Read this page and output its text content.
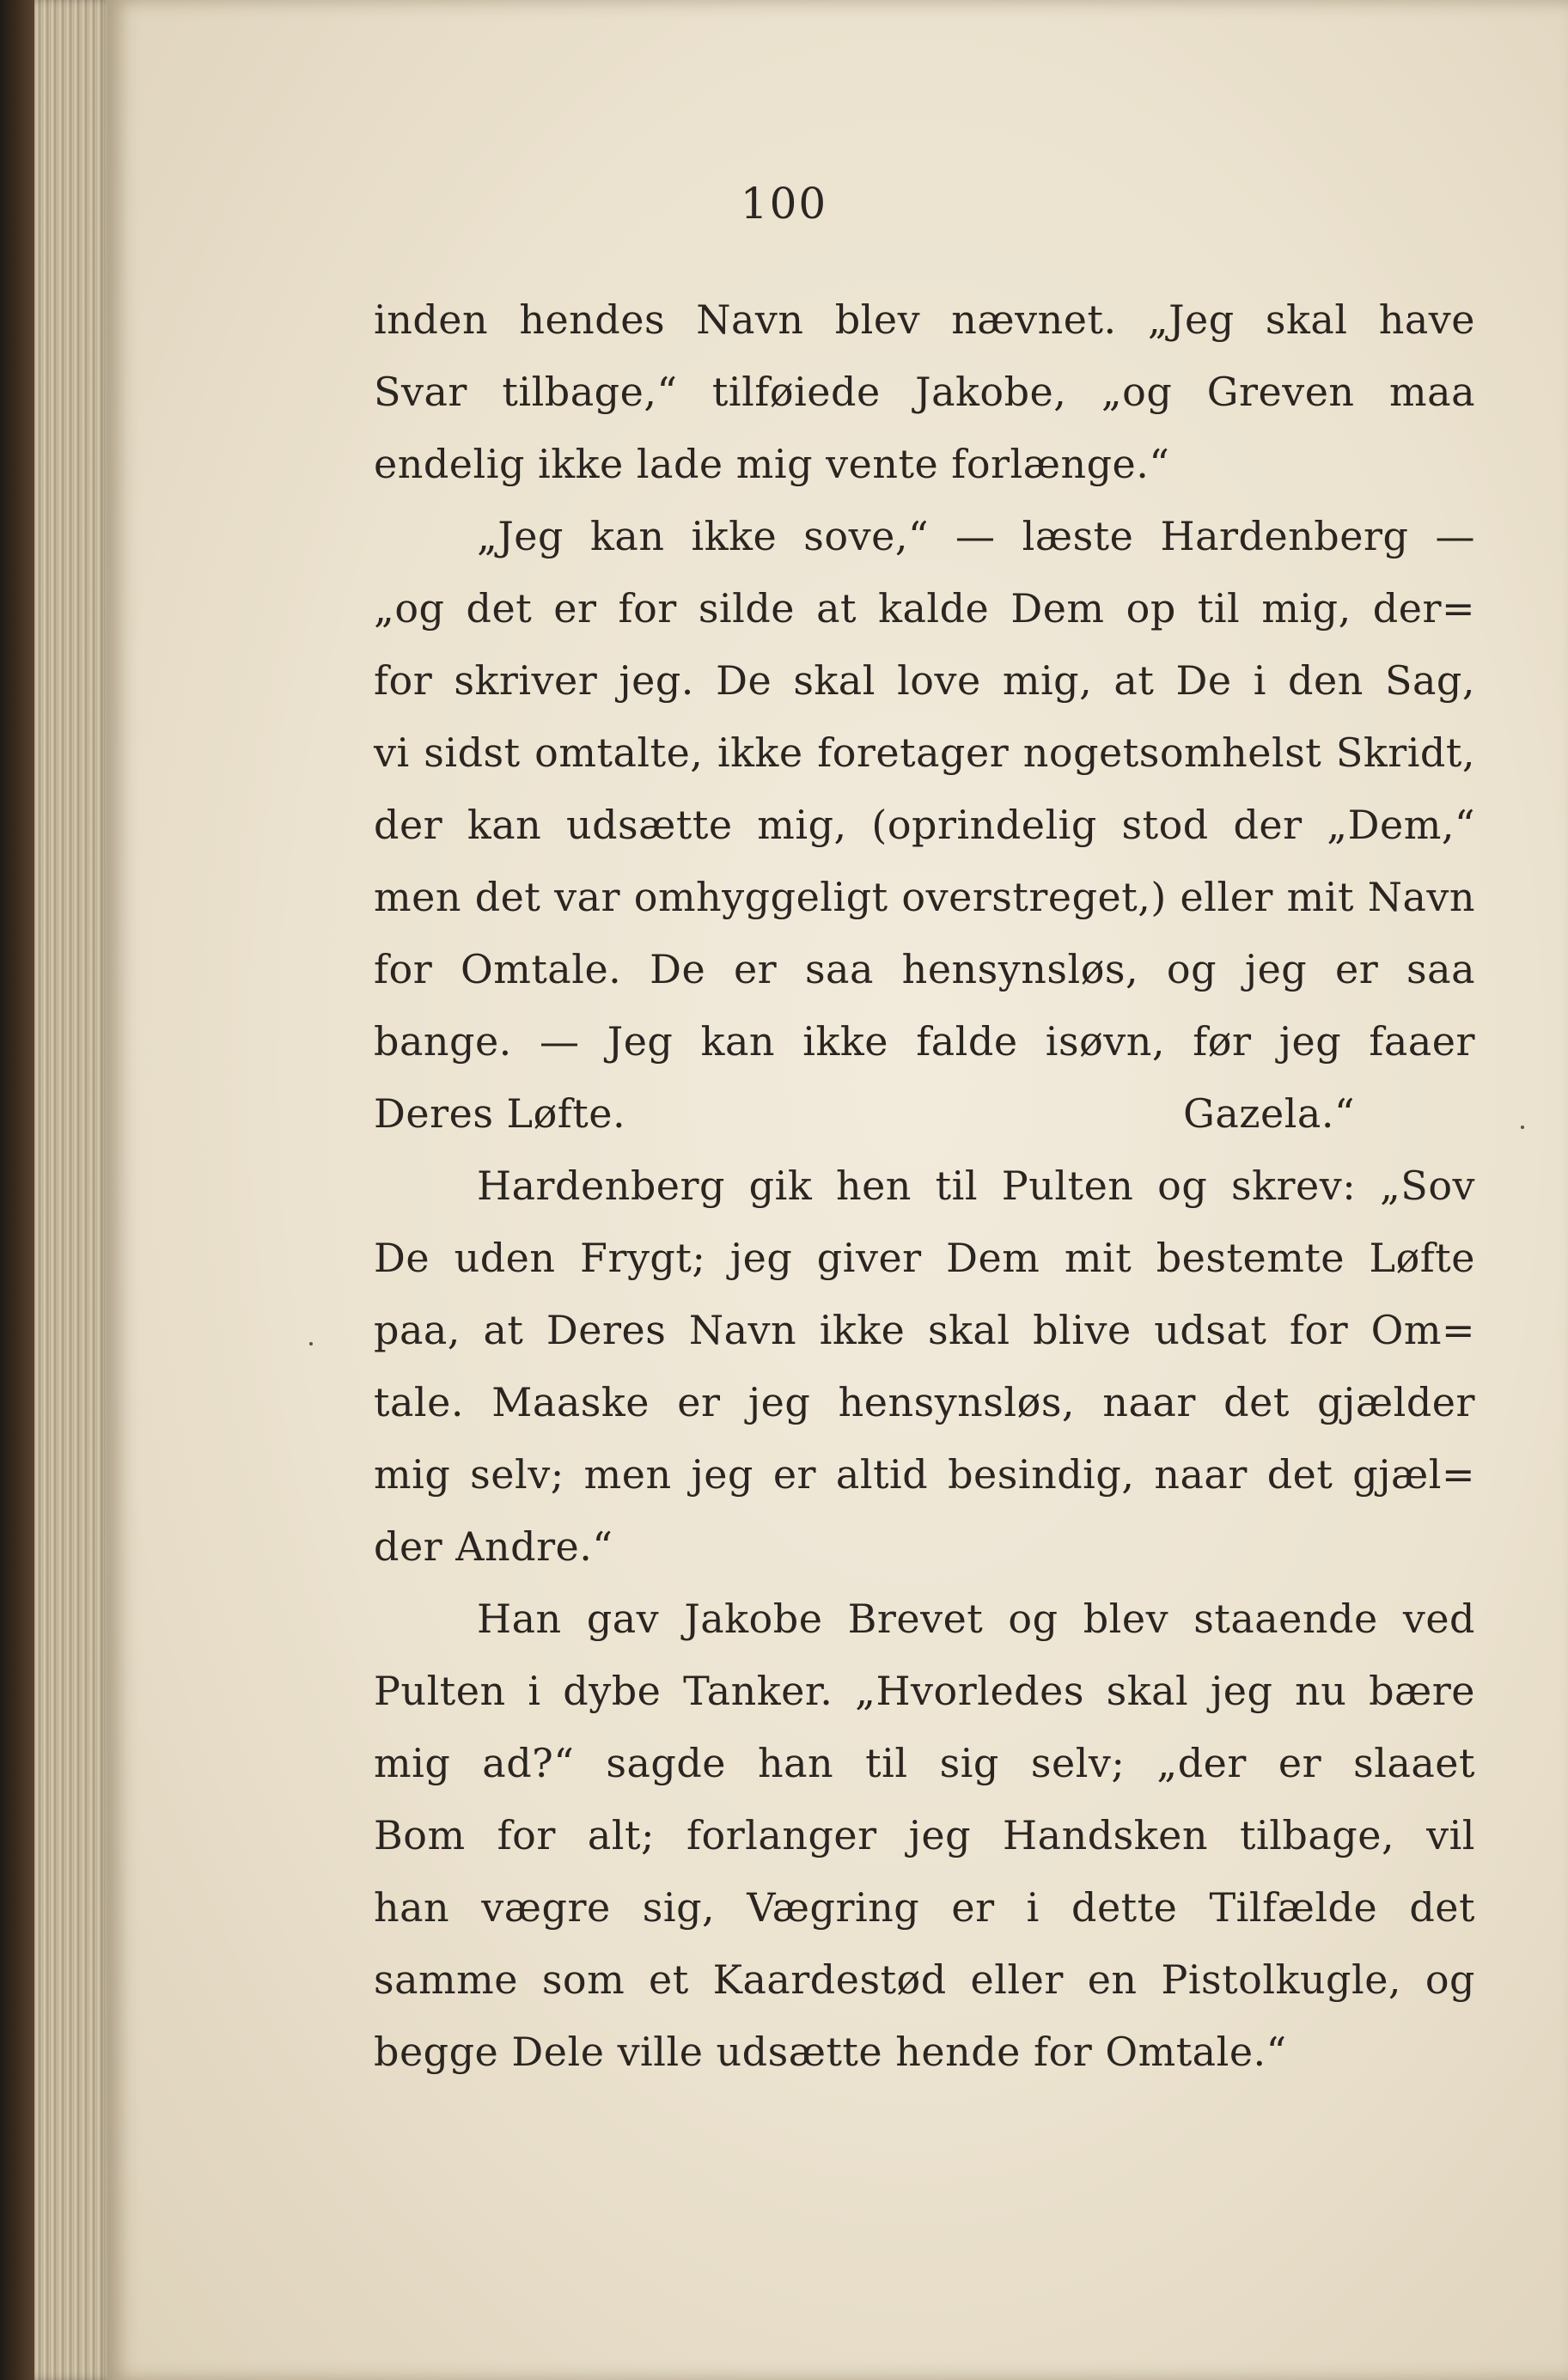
100
inden hendes Navn blev nævnet. „Jeg skal have
Svar tilbage,“ tilføiede Jakobe, „og Greven maa
endelig ikke lade mig vente forlænge.“
„Jeg kan ikke sove,“ — læste Hardenberg —
„og det er for silde at kalde Dem op til mig, der=
for skriver jeg. De skal love mig, at De i den Sag,
vi sidst omtalte, ikke foretager nogetsomhelst Skridt,
der kan udsætte mig, (oprindelig stod der „Dem,“
men det var omhyggeligt overstreget,) eller mit Navn
for Omtale. De er saa hensynsløs, og jeg er saa
bange. — Jeg kan ikke falde isøvn, før jeg faaer
Deres Løfte.	Gazela.“
Hardenberg gik hen til Pulten og skrev: „Sov
De uden Frygt; jeg giver Dem mit bestemte Løfte
paa, at Deres Navn ikke skal blive udsat for Om=
tale. Maaske er jeg hensynsløs, naar det gjælder
mig selv; men jeg er altid besindig, naar det gjæl=
der Andre.“
Han gav Jakobe Brevet og blev staaende ved
Pulten i dybe Tanker. „Hvorledes skal jeg nu bære
mig ad?“ sagde han til sig selv; „der er slaaet
Bom for alt; forlanger jeg Handsken tilbage, vil
han vægre sig, Vægring er i dette Tilfælde det
samme som et Kaardestød eller en Pistolkugle, og
begge Dele ville udsætte hende for Omtale.“
